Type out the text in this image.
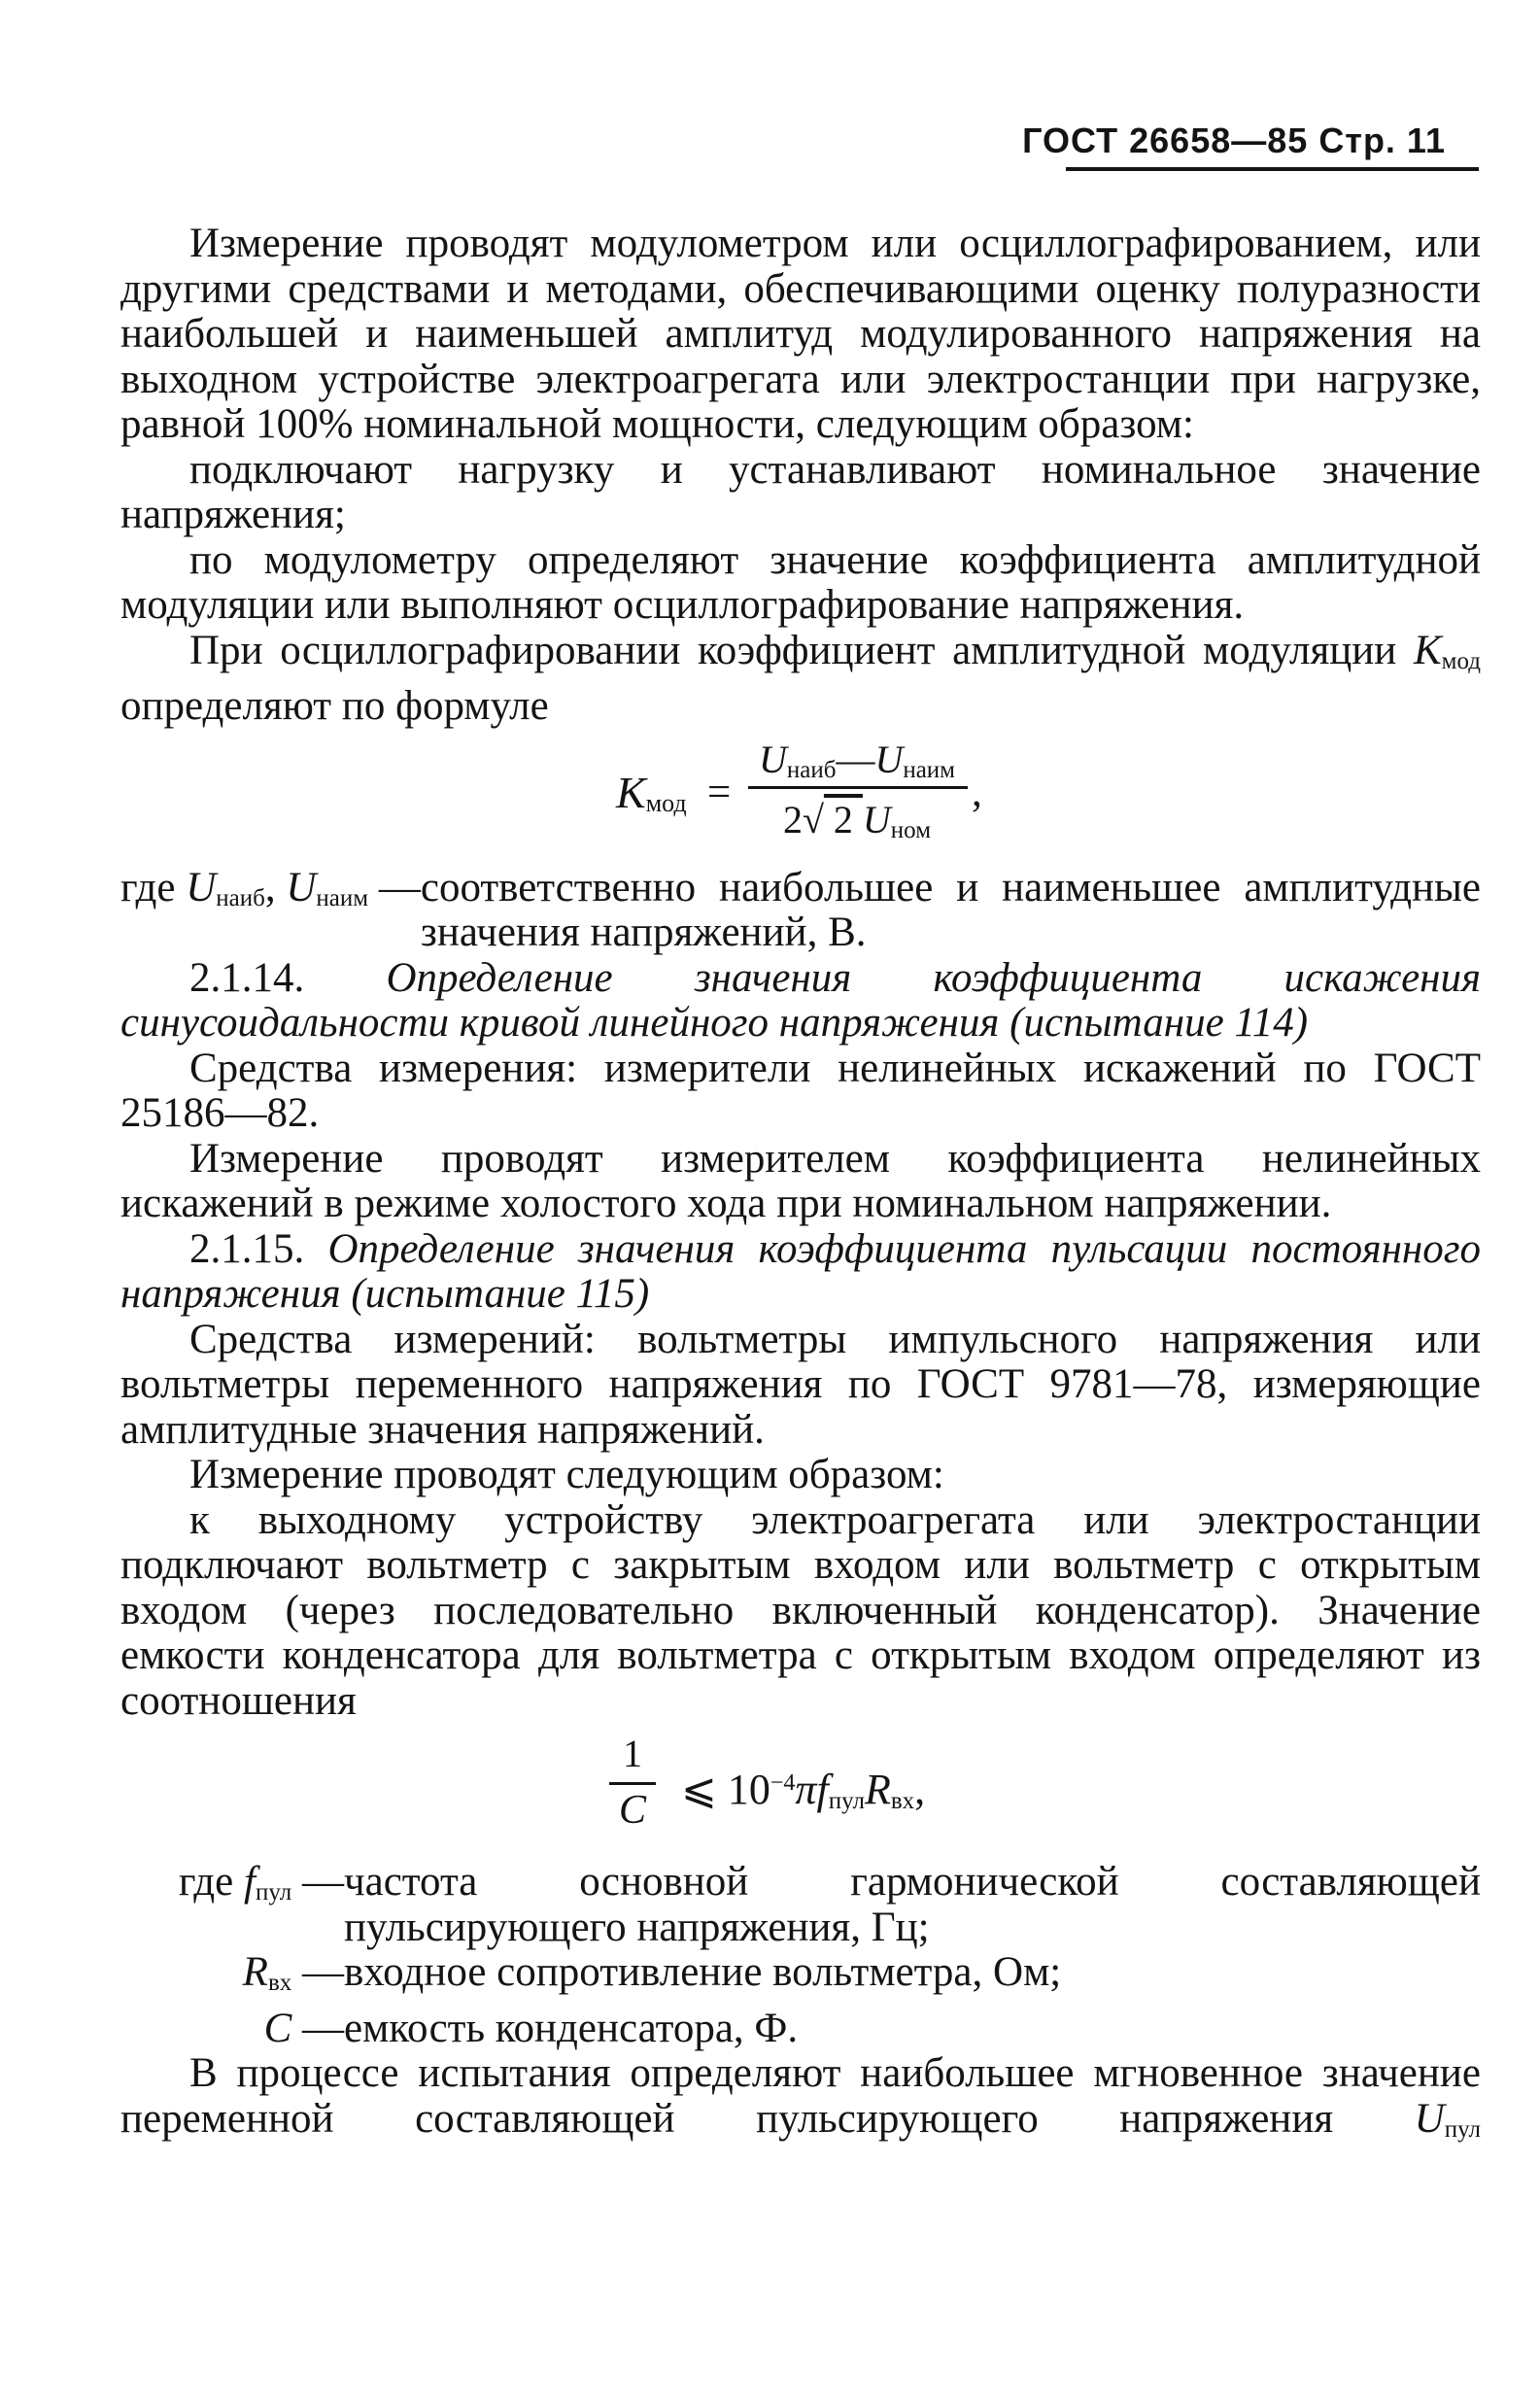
ГОСТ 26658—85 Стр. 11

Измерение проводят модулометром или осциллографированием, или другими средствами и методами, обеспечивающими оценку полуразности наибольшей и наименьшей амплитуд модулированного напряжения на выходном устройстве электроагрегата или электростанции при нагрузке, равной 100% номинальной мощности, следующим образом:

подключают нагрузку и устанавливают номинальное значение напряжения;

по модулометру определяют значение коэффициента амплитудной модуляции или выполняют осциллографирование напряжения.

При осциллографировании коэффициент амплитудной модуляции $K_{мод}$ определяют по формуле

$K_{мод}$ =
$U_{наиб}—U_{наим}$
2√ 2 $U_{ном}$
,
где $U_{наиб}$, $U_{наим}$ — соответственно наибольшее и наименьшее амплитудные значения напряжений, В.

2.1.14. Определение значения коэффициента искажения синусоидальности кривой линейного напряжения (испытание 114)

Средства измерения: измерители нелинейных искажений по ГОСТ 25186—82.

Измерение проводят измерителем коэффициента нелинейных искажений в режиме холостого хода при номинальном напряжении.

2.1.15. Определение значения коэффициента пульсации постоянного напряжения (испытание 115)

Средства измерений: вольтметры импульсного напряжения или вольтметры переменного напряжения по ГОСТ 9781—78, измеряющие амплитудные значения напряжений.

Измерение проводят следующим образом:

к выходному устройству электроагрегата или электростанции подключают вольтметр с закрытым входом или вольтметр с открытым входом (через последовательно включенный конденсатор). Значение емкости конденсатора для вольтметра с открытым входом определяют из соотношения

1
C ⩽ $10^{-4}\pi f_{пул}R_{вх}$,
где $f_{пул}$ — частота основной гармонической составляющей пульсирующего напряжения, Гц;
$R_{вх}$ — входное сопротивление вольтметра, Ом;
C — емкость конденсатора, Ф.

В процессе испытания определяют наибольшее мгновенное значение переменной составляющей пульсирующего напряжения $U_{пул}$
